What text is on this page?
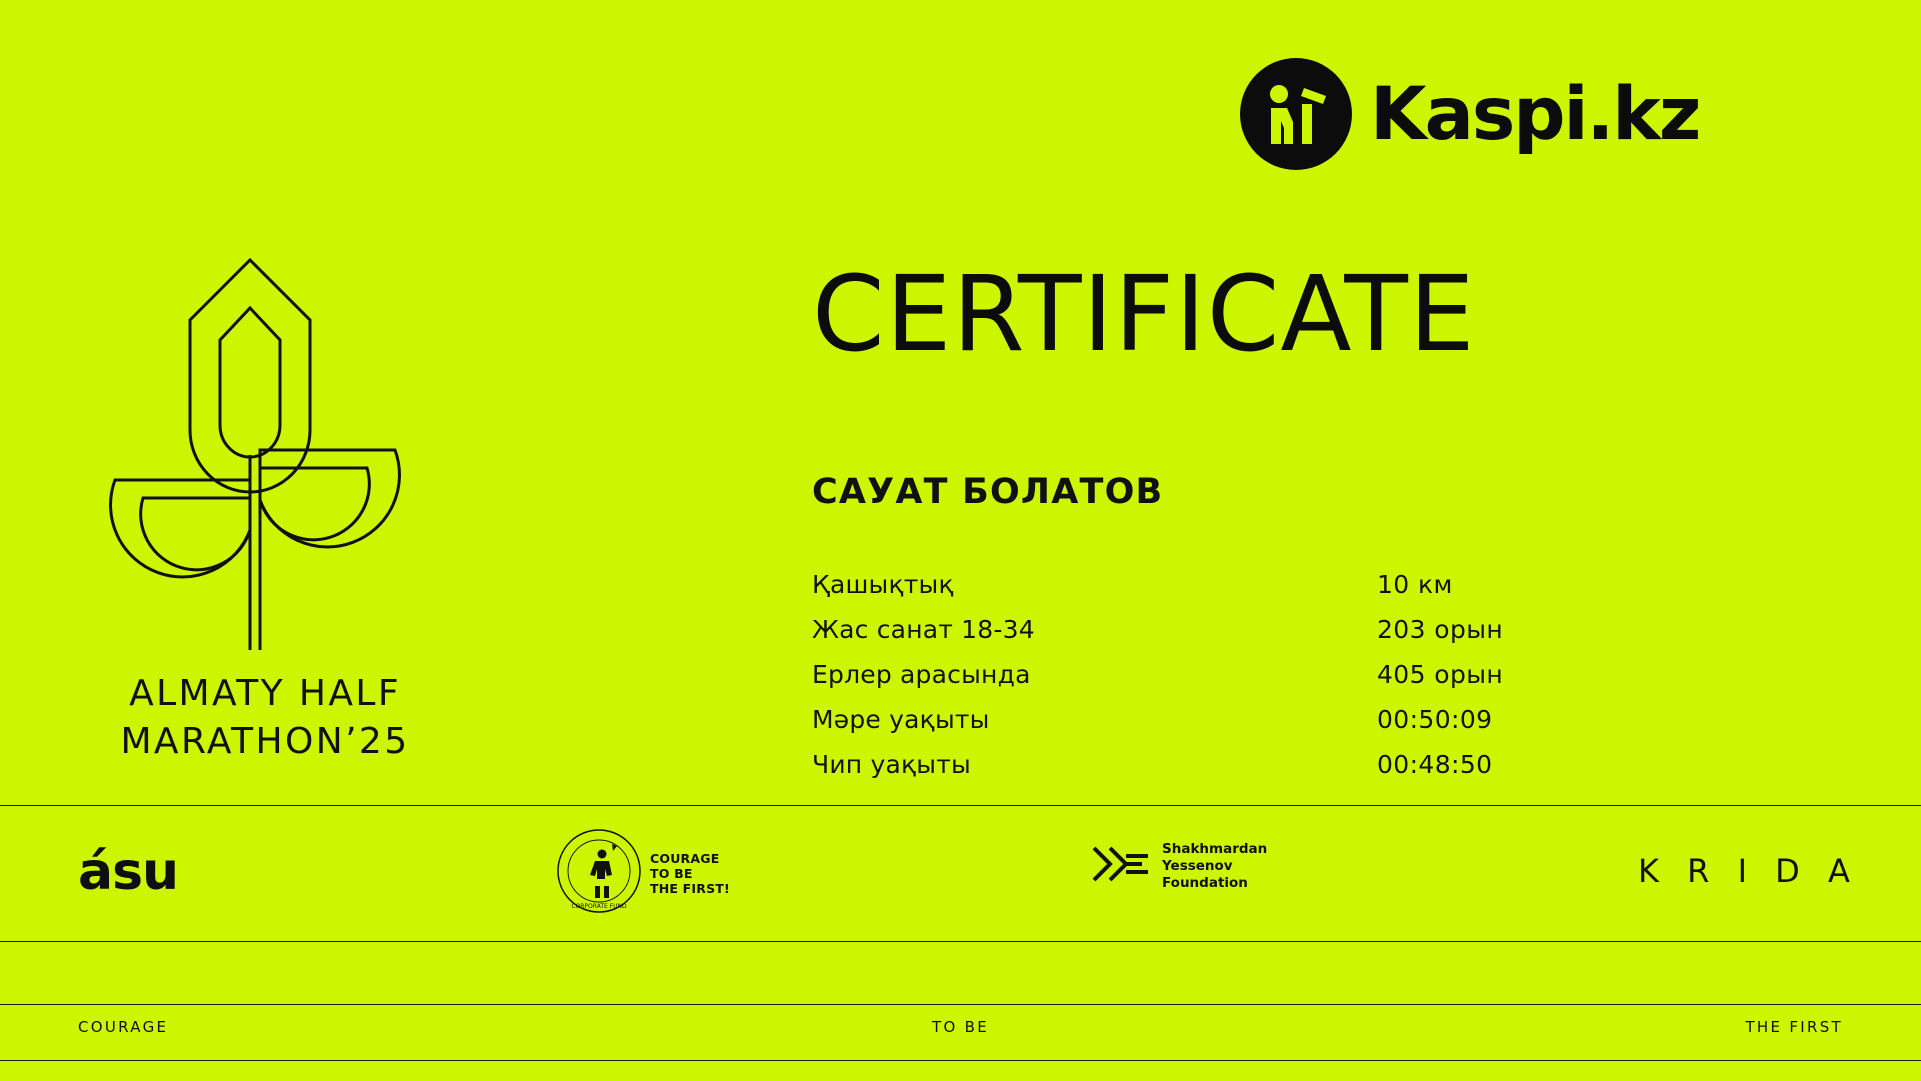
Kaspi.kz
ALMATY HALF
MARATHON’25
CERTIFICATE
САУАТ БОЛАТОВ
Қашықтық	10 км
Жас санат 18-34	203 орын
Ерлер арасында	405 орын
Мәре уақыты	00:50:09
Чип уақыты	00:48:50
ásu
CORPORATE FUND
COURAGE
TO BE
THE FIRST!
Shakhmardan
Yessenov
Foundation	K R I D A
COURAGE	TO BE	THE FIRST
